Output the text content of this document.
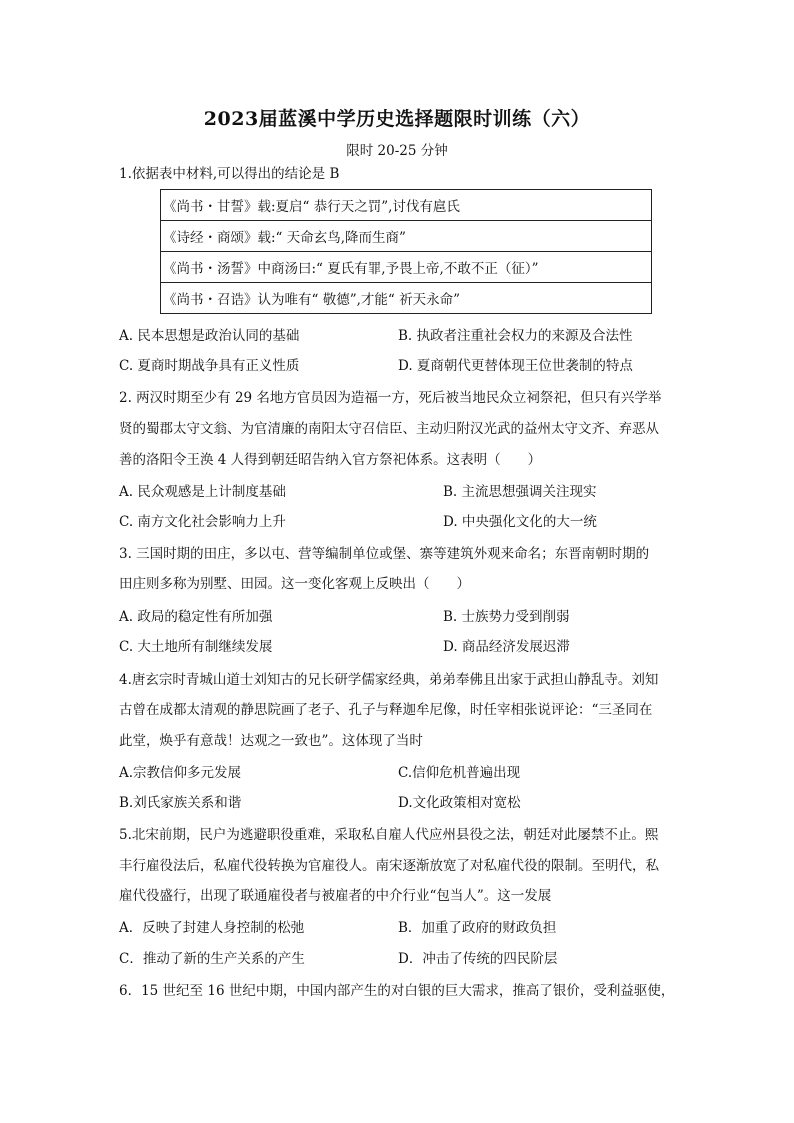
2023届蓝溪中学历史选择题限时训练（六）
限时 20-25 分钟
1.依据表中材料,可以得出的结论是 B
《尚书・甘誓》载:夏启“ 恭行天之罚”,讨伐有扈氏
《诗经・商颂》载:“ 天命玄鸟,降而生商”
《尚书・汤誓》中商汤曰:“ 夏氏有罪,予畏上帝,不敢不正（征）”
《尚书・召诰》认为唯有“ 敬德”,才能“ 祈天永命”
A. 民本思想是政治认同的基础	B. 执政者注重社会权力的来源及合法性
C. 夏商时期战争具有正义性质	D. 夏商朝代更替体现王位世袭制的特点
2. 两汉时期至少有 29 名地方官员因为造福一方，死后被当地民众立祠祭祀，但只有兴学举
贤的蜀郡太守文翁、为官清廉的南阳太守召信臣、主动归附汉光武的益州太守文齐、弃恶从
善的洛阳令王涣 4 人得到朝廷昭告纳入官方祭祀体系。这表明（　　）
A. 民众观感是上计制度基础	B. 主流思想强调关注现实
C. 南方文化社会影响力上升	D. 中央强化文化的大一统
3. 三国时期的田庄，多以屯、营等编制单位或堡、寨等建筑外观来命名；东晋南朝时期的
田庄则多称为别墅、田园。这一变化客观上反映出（　　）
A. 政局的稳定性有所加强	B. 士族势力受到削弱
C. 大土地所有制继续发展	D. 商品经济发展迟滞
4.唐玄宗时青城山道士刘知古的兄长研学儒家经典，弟弟奉佛且出家于武担山静乱寺。刘知
古曾在成都太清观的静思院画了老子、孔子与释迦牟尼像，时任宰相张说评论：“三圣同在
此堂，焕乎有意哉！达观之一致也”。这体现了当时
A.宗教信仰多元发展	C.信仰危机普遍出现
B.刘氏家族关系和谐	D.文化政策相对宽松
5.北宋前期，民户为逃避职役重难，采取私自雇人代应州县役之法，朝廷对此屡禁不止。熙
丰行雇役法后，私雇代役转换为官雇役人。南宋逐渐放宽了对私雇代役的限制。至明代，私
雇代役盛行，出现了联通雇役者与被雇者的中介行业“包当人”。这一发展
A．反映了封建人身控制的松弛	B．加重了政府的财政负担
C．推动了新的生产关系的产生	D．冲击了传统的四民阶层
6．15 世纪至 16 世纪中期，中国内部产生的对白银的巨大需求，推高了银价，受利益驱使，
